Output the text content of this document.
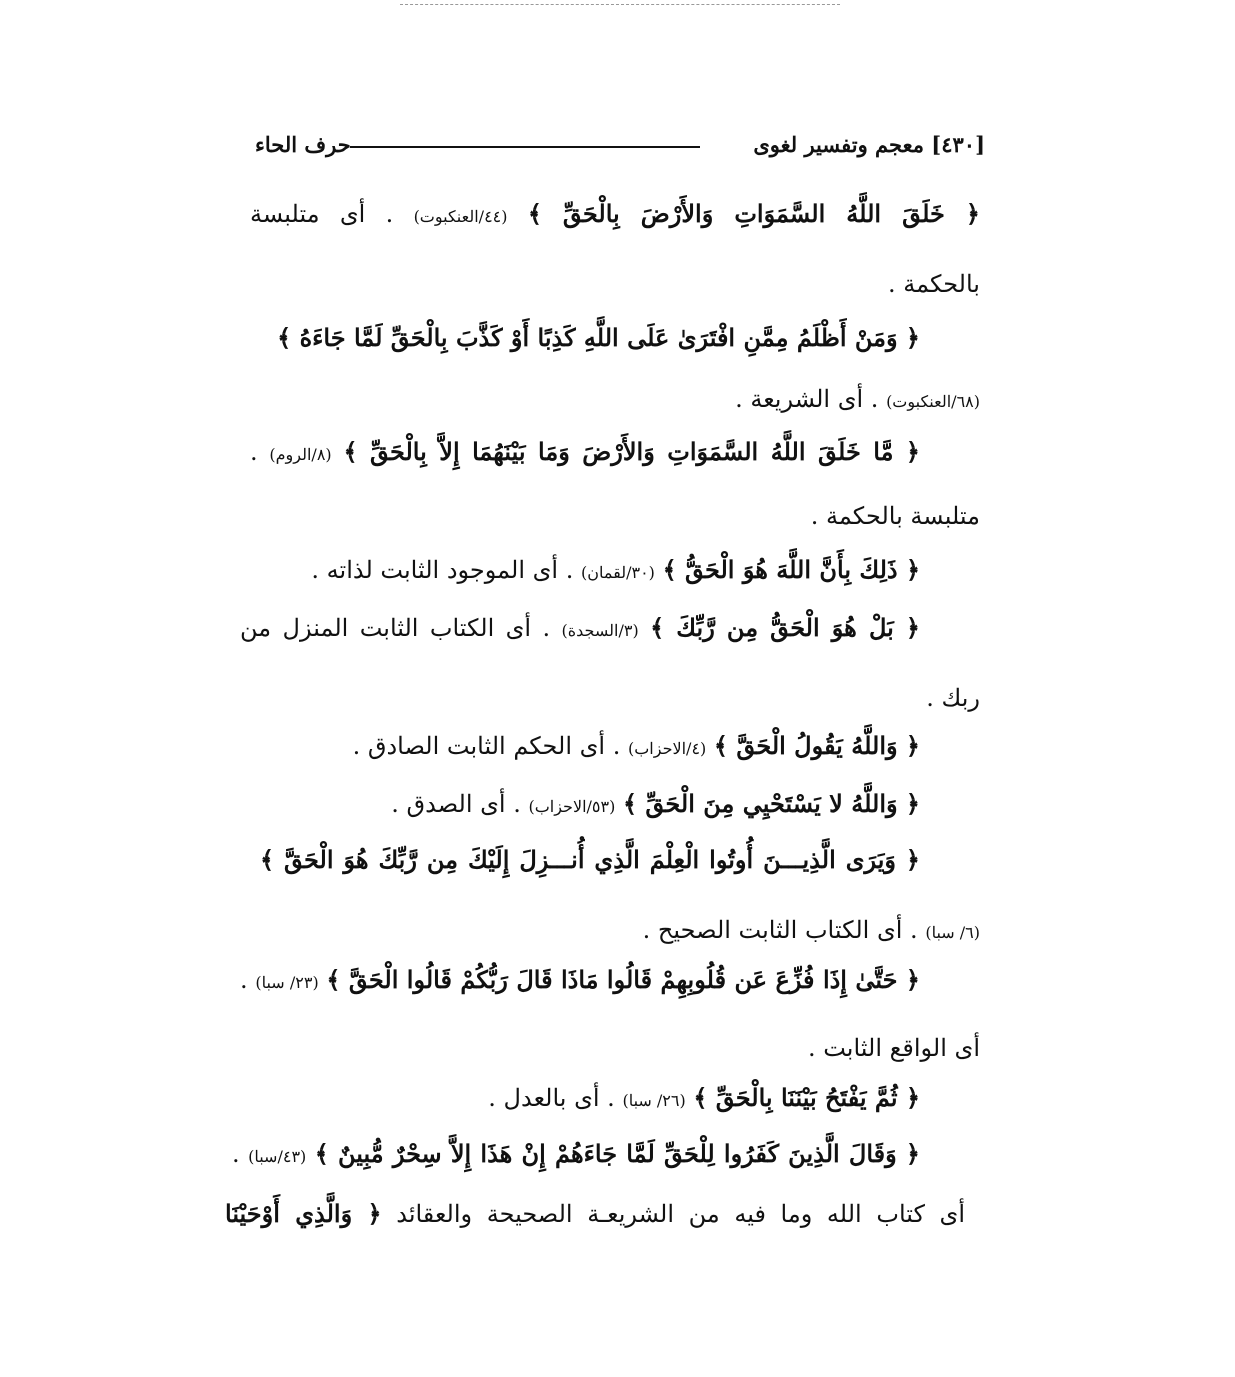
[٤٣٠] معجم وتفسير لغوى
حرف الحاء
﴿ خَلَقَ اللَّهُ السَّمَوَاتِ وَالأَرْضَ بِالْحَقِّ ﴾ (٤٤/العنكبوت) . أى متلبسة
بالحكمة .
﴿ وَمَنْ أَظْلَمُ مِمَّنِ افْتَرَىٰ عَلَى اللَّهِ كَذِبًا أَوْ كَذَّبَ بِالْحَقِّ لَمَّا جَاءَهُ ﴾
(٦٨/العنكبوت) . أى الشريعة .
﴿ مَّا خَلَقَ اللَّهُ السَّمَوَاتِ وَالأَرْضَ وَمَا بَيْنَهُمَا إِلاَّ بِالْحَقِّ ﴾ (٨/الروم) .
متلبسة بالحكمة .
﴿ ذَلِكَ بِأَنَّ اللَّهَ هُوَ الْحَقُّ ﴾ (٣٠/لقمان) . أى الموجود الثابت لذاته .
﴿ بَلْ هُوَ الْحَقُّ مِن رَّبِّكَ ﴾ (٣/السجدة) . أى الكتاب الثابت المنزل من
ربك .
﴿ وَاللَّهُ يَقُولُ الْحَقَّ ﴾ (٤/الاحزاب) . أى الحكم الثابت الصادق .
﴿ وَاللَّهُ لا يَسْتَحْيِي مِنَ الْحَقِّ ﴾ (٥٣/الاحزاب) . أى الصدق .
﴿ وَيَرَى الَّذِيـــنَ أُوتُوا الْعِلْمَ الَّذِي أُنـــزِلَ إِلَيْكَ مِن رَّبِّكَ هُوَ الْحَقَّ ﴾
(٦/ سبا) . أى الكتاب الثابت الصحيح .
﴿ حَتَّىٰ إِذَا فُزِّعَ عَن قُلُوبِهِمْ قَالُوا مَاذَا قَالَ رَبُّكُمْ قَالُوا الْحَقَّ ﴾ (٢٣/ سبا) .
أى الواقع الثابت .
﴿ ثُمَّ يَفْتَحُ بَيْنَنَا بِالْحَقِّ ﴾ (٢٦/ سبا) . أى بالعدل .
﴿ وَقَالَ الَّذِينَ كَفَرُوا لِلْحَقِّ لَمَّا جَاءَهُمْ إِنْ هَذَا إِلاَّ سِحْرٌ مُّبِينٌ ﴾ (٤٣/سبا) .
أى كتاب الله وما فيه من الشريعـة الصحيحة والعقائد ﴿ وَالَّذِي أَوْحَيْنَا
